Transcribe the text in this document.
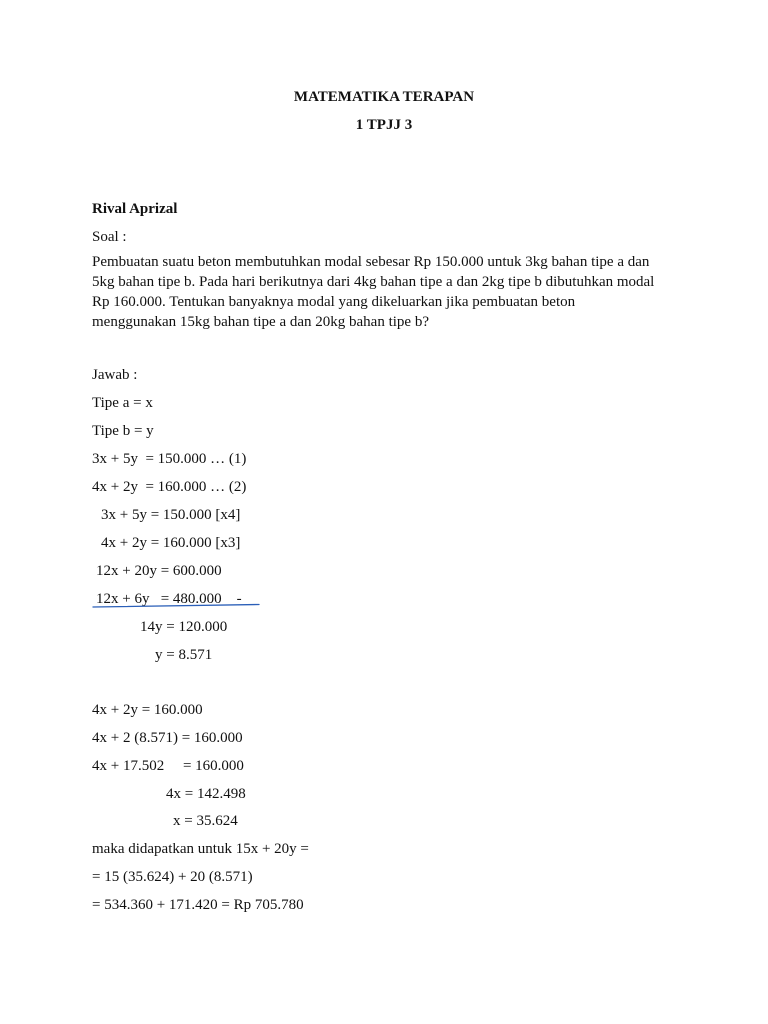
MATEMATIKA TERAPAN
1 TPJJ 3
Rival Aprizal
Soal :
Pembuatan suatu beton membutuhkan modal sebesar Rp 150.000 untuk 3kg bahan tipe a dan
5kg bahan tipe b. Pada hari berikutnya dari 4kg bahan tipe a dan 2kg tipe b dibutuhkan modal
Rp 160.000. Tentukan banyaknya modal yang dikeluarkan jika pembuatan beton
menggunakan 15kg bahan tipe a dan 20kg bahan tipe b?
Jawab :
Tipe a = x
Tipe b = y
3x + 5y  = 150.000 … (1)
4x + 2y  = 160.000 … (2)
3x + 5y = 150.000 [x4]
4x + 2y = 160.000 [x3]
12x + 20y = 600.000
12x + 6y   = 480.000    -
14y = 120.000
y = 8.571
4x + 2y = 160.000
4x + 2 (8.571) = 160.000
4x + 17.502     = 160.000
4x = 142.498
x = 35.624
maka didapatkan untuk 15x + 20y =
= 15 (35.624) + 20 (8.571)
= 534.360 + 171.420 = Rp 705.780
